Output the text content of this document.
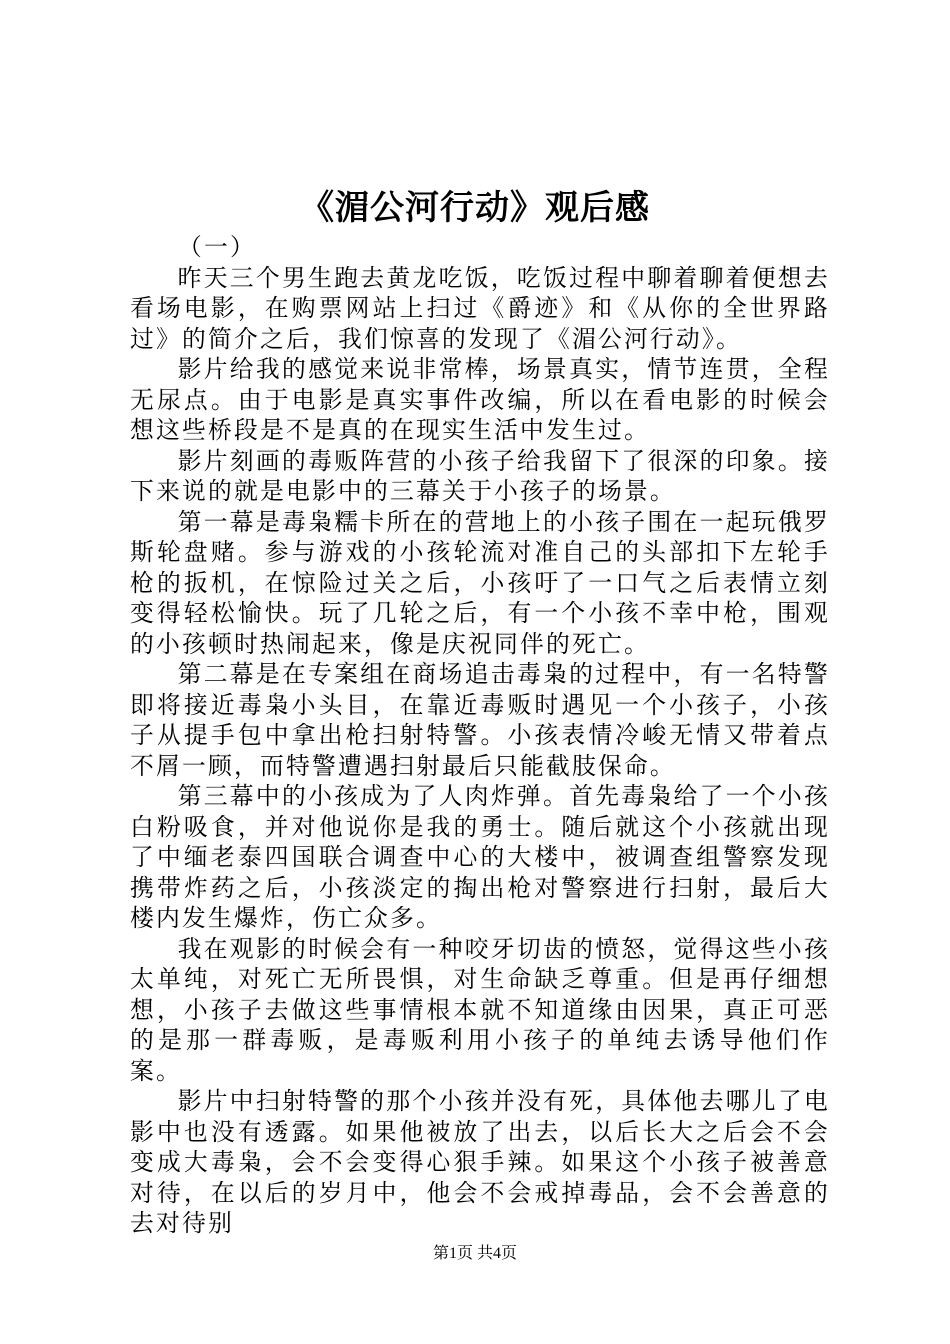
《湄公河行动》观后感
（一）

昨天三个男生跑去黄龙吃饭，吃饭过程中聊着聊着便想去看场电影，在购票网站上扫过《爵迹》和《从你的全世界路过》的简介之后，我们惊喜的发现了《湄公河行动》。

影片给我的感觉来说非常棒，场景真实，情节连贯，全程无尿点。由于电影是真实事件改编，所以在看电影的时候会想这些桥段是不是真的在现实生活中发生过。

影片刻画的毒贩阵营的小孩子给我留下了很深的印象。接下来说的就是电影中的三幕关于小孩子的场景。

第一幕是毒枭糯卡所在的营地上的小孩子围在一起玩俄罗斯轮盘赌。参与游戏的小孩轮流对准自己的头部扣下左轮手枪的扳机，在惊险过关之后，小孩吁了一口气之后表情立刻变得轻松愉快。玩了几轮之后，有一个小孩不幸中枪，围观的小孩顿时热闹起来，像是庆祝同伴的死亡。

第二幕是在专案组在商场追击毒枭的过程中，有一名特警即将接近毒枭小头目，在靠近毒贩时遇见一个小孩子，小孩子从提手包中拿出枪扫射特警。小孩表情冷峻无情又带着点不屑一顾，而特警遭遇扫射最后只能截肢保命。

第三幕中的小孩成为了人肉炸弹。首先毒枭给了一个小孩白粉吸食，并对他说你是我的勇士。随后就这个小孩就出现了中缅老泰四国联合调查中心的大楼中，被调查组警察发现携带炸药之后，小孩淡定的掏出枪对警察进行扫射，最后大楼内发生爆炸，伤亡众多。

我在观影的时候会有一种咬牙切齿的愤怒，觉得这些小孩太单纯，对死亡无所畏惧，对生命缺乏尊重。但是再仔细想想，小孩子去做这些事情根本就不知道缘由因果，真正可恶的是那一群毒贩，是毒贩利用小孩子的单纯去诱导他们作案。

影片中扫射特警的那个小孩并没有死，具体他去哪儿了电影中也没有透露。如果他被放了出去，以后长大之后会不会变成大毒枭，会不会变得心狠手辣。如果这个小孩子被善意对待，在以后的岁月中，他会不会戒掉毒品，会不会善意的去对待别

第1页 共4页
